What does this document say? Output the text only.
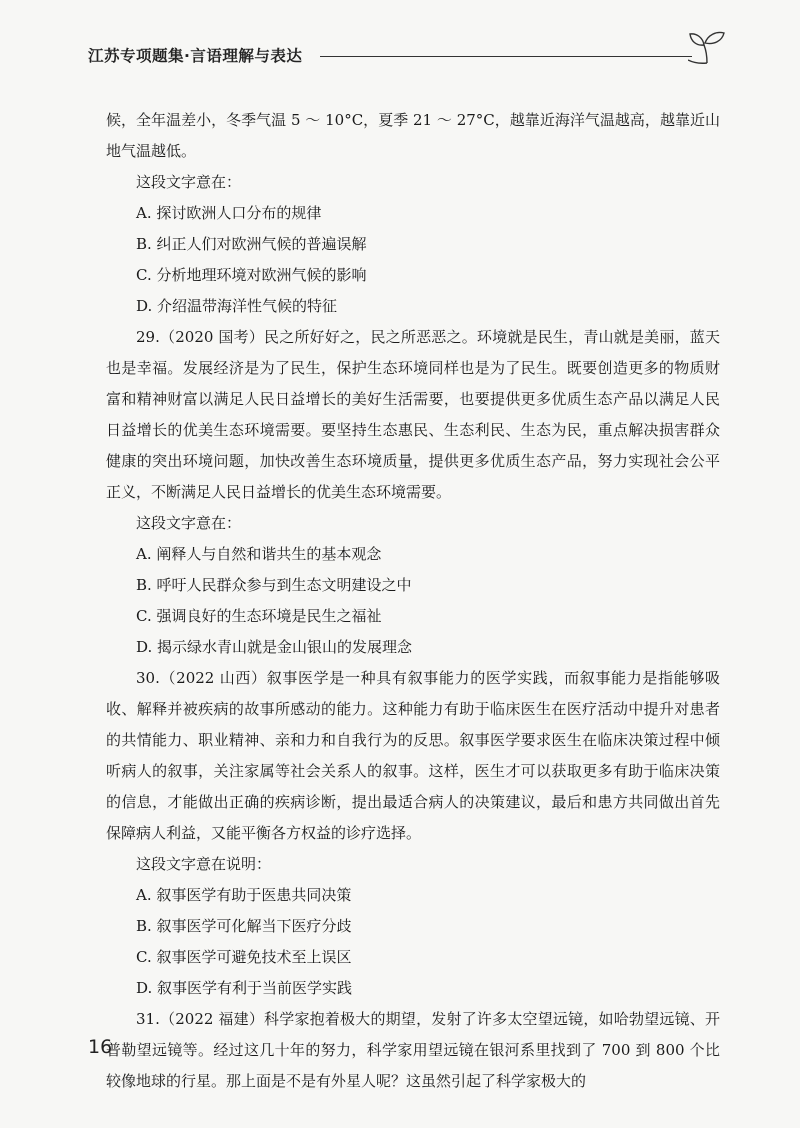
江苏专项题集·言语理解与表达

候，全年温差小，冬季气温 5 ～ 10°C，夏季 21 ～ 27°C，越靠近海洋气温越高，越靠近山地气温越低。

这段文字意在：

A. 探讨欧洲人口分布的规律

B. 纠正人们对欧洲气候的普遍误解

C. 分析地理环境对欧洲气候的影响

D. 介绍温带海洋性气候的特征

29.（2020 国考）民之所好好之，民之所恶恶之。环境就是民生，青山就是美丽，蓝天也是幸福。发展经济是为了民生，保护生态环境同样也是为了民生。既要创造更多的物质财富和精神财富以满足人民日益增长的美好生活需要，也要提供更多优质生态产品以满足人民日益增长的优美生态环境需要。要坚持生态惠民、生态利民、生态为民，重点解决损害群众健康的突出环境问题，加快改善生态环境质量，提供更多优质生态产品，努力实现社会公平正义，不断满足人民日益增长的优美生态环境需要。

这段文字意在：

A. 阐释人与自然和谐共生的基本观念

B. 呼吁人民群众参与到生态文明建设之中

C. 强调良好的生态环境是民生之福祉

D. 揭示绿水青山就是金山银山的发展理念

30.（2022 山西）叙事医学是一种具有叙事能力的医学实践，而叙事能力是指能够吸收、解释并被疾病的故事所感动的能力。这种能力有助于临床医生在医疗活动中提升对患者的共情能力、职业精神、亲和力和自我行为的反思。叙事医学要求医生在临床决策过程中倾听病人的叙事，关注家属等社会关系人的叙事。这样，医生才可以获取更多有助于临床决策的信息，才能做出正确的疾病诊断，提出最适合病人的决策建议，最后和患方共同做出首先保障病人利益，又能平衡各方权益的诊疗选择。

这段文字意在说明：

A. 叙事医学有助于医患共同决策

B. 叙事医学可化解当下医疗分歧

C. 叙事医学可避免技术至上误区

D. 叙事医学有利于当前医学实践

31.（2022 福建）科学家抱着极大的期望，发射了许多太空望远镜，如哈勃望远镜、开普勒望远镜等。经过这几十年的努力，科学家用望远镜在银河系里找到了 700 到 800 个比较像地球的行星。那上面是不是有外星人呢？这虽然引起了科学家极大的

16
